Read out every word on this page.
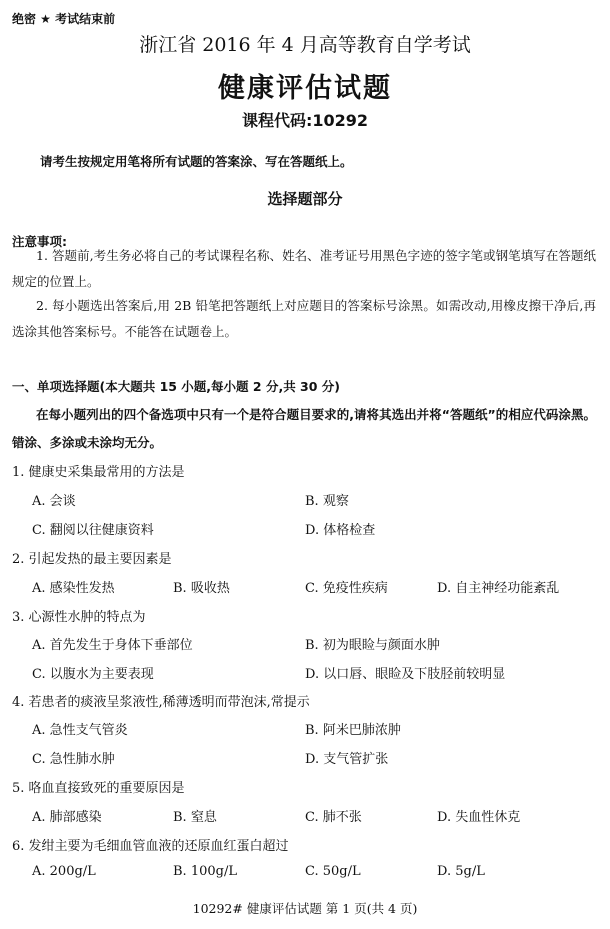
绝密 ★ 考试结束前
浙江省 2016 年 4 月高等教育自学考试
健康评估试题
课程代码:10292
请考生按规定用笔将所有试题的答案涂、写在答题纸上。
选择题部分
注意事项:
1. 答题前,考生务必将自己的考试课程名称、姓名、准考证号用黑色字迹的签字笔或钢笔填写在答题纸规定的位置上。
2. 每小题选出答案后,用 2B 铅笔把答题纸上对应题目的答案标号涂黑。如需改动,用橡皮擦干净后,再选涂其他答案标号。不能答在试题卷上。
一、单项选择题(本大题共 15 小题,每小题 2 分,共 30 分)
在每小题列出的四个备选项中只有一个是符合题目要求的,请将其选出并将“答题纸”的相应代码涂黑。错涂、多涂或未涂均无分。
1. 健康史采集最常用的方法是
A. 会谈	B. 观察
C. 翻阅以往健康资料	D. 体格检查
2. 引起发热的最主要因素是
A. 感染性发热	B. 吸收热	C. 免疫性疾病	D. 自主神经功能紊乱
3. 心源性水肿的特点为
A. 首先发生于身体下垂部位	B. 初为眼睑与颜面水肿
C. 以腹水为主要表现	D. 以口唇、眼睑及下肢胫前较明显
4. 若患者的痰液呈浆液性,稀薄透明而带泡沫,常提示
A. 急性支气管炎	B. 阿米巴肺浓肿
C. 急性肺水肿	D. 支气管扩张
5. 咯血直接致死的重要原因是
A. 肺部感染	B. 窒息	C. 肺不张	D. 失血性休克
6. 发绀主要为毛细血管血液的还原血红蛋白超过
A. 200g/L	B. 100g/L	C. 50g/L	D. 5g/L
10292# 健康评估试题 第 1 页(共 4 页)
